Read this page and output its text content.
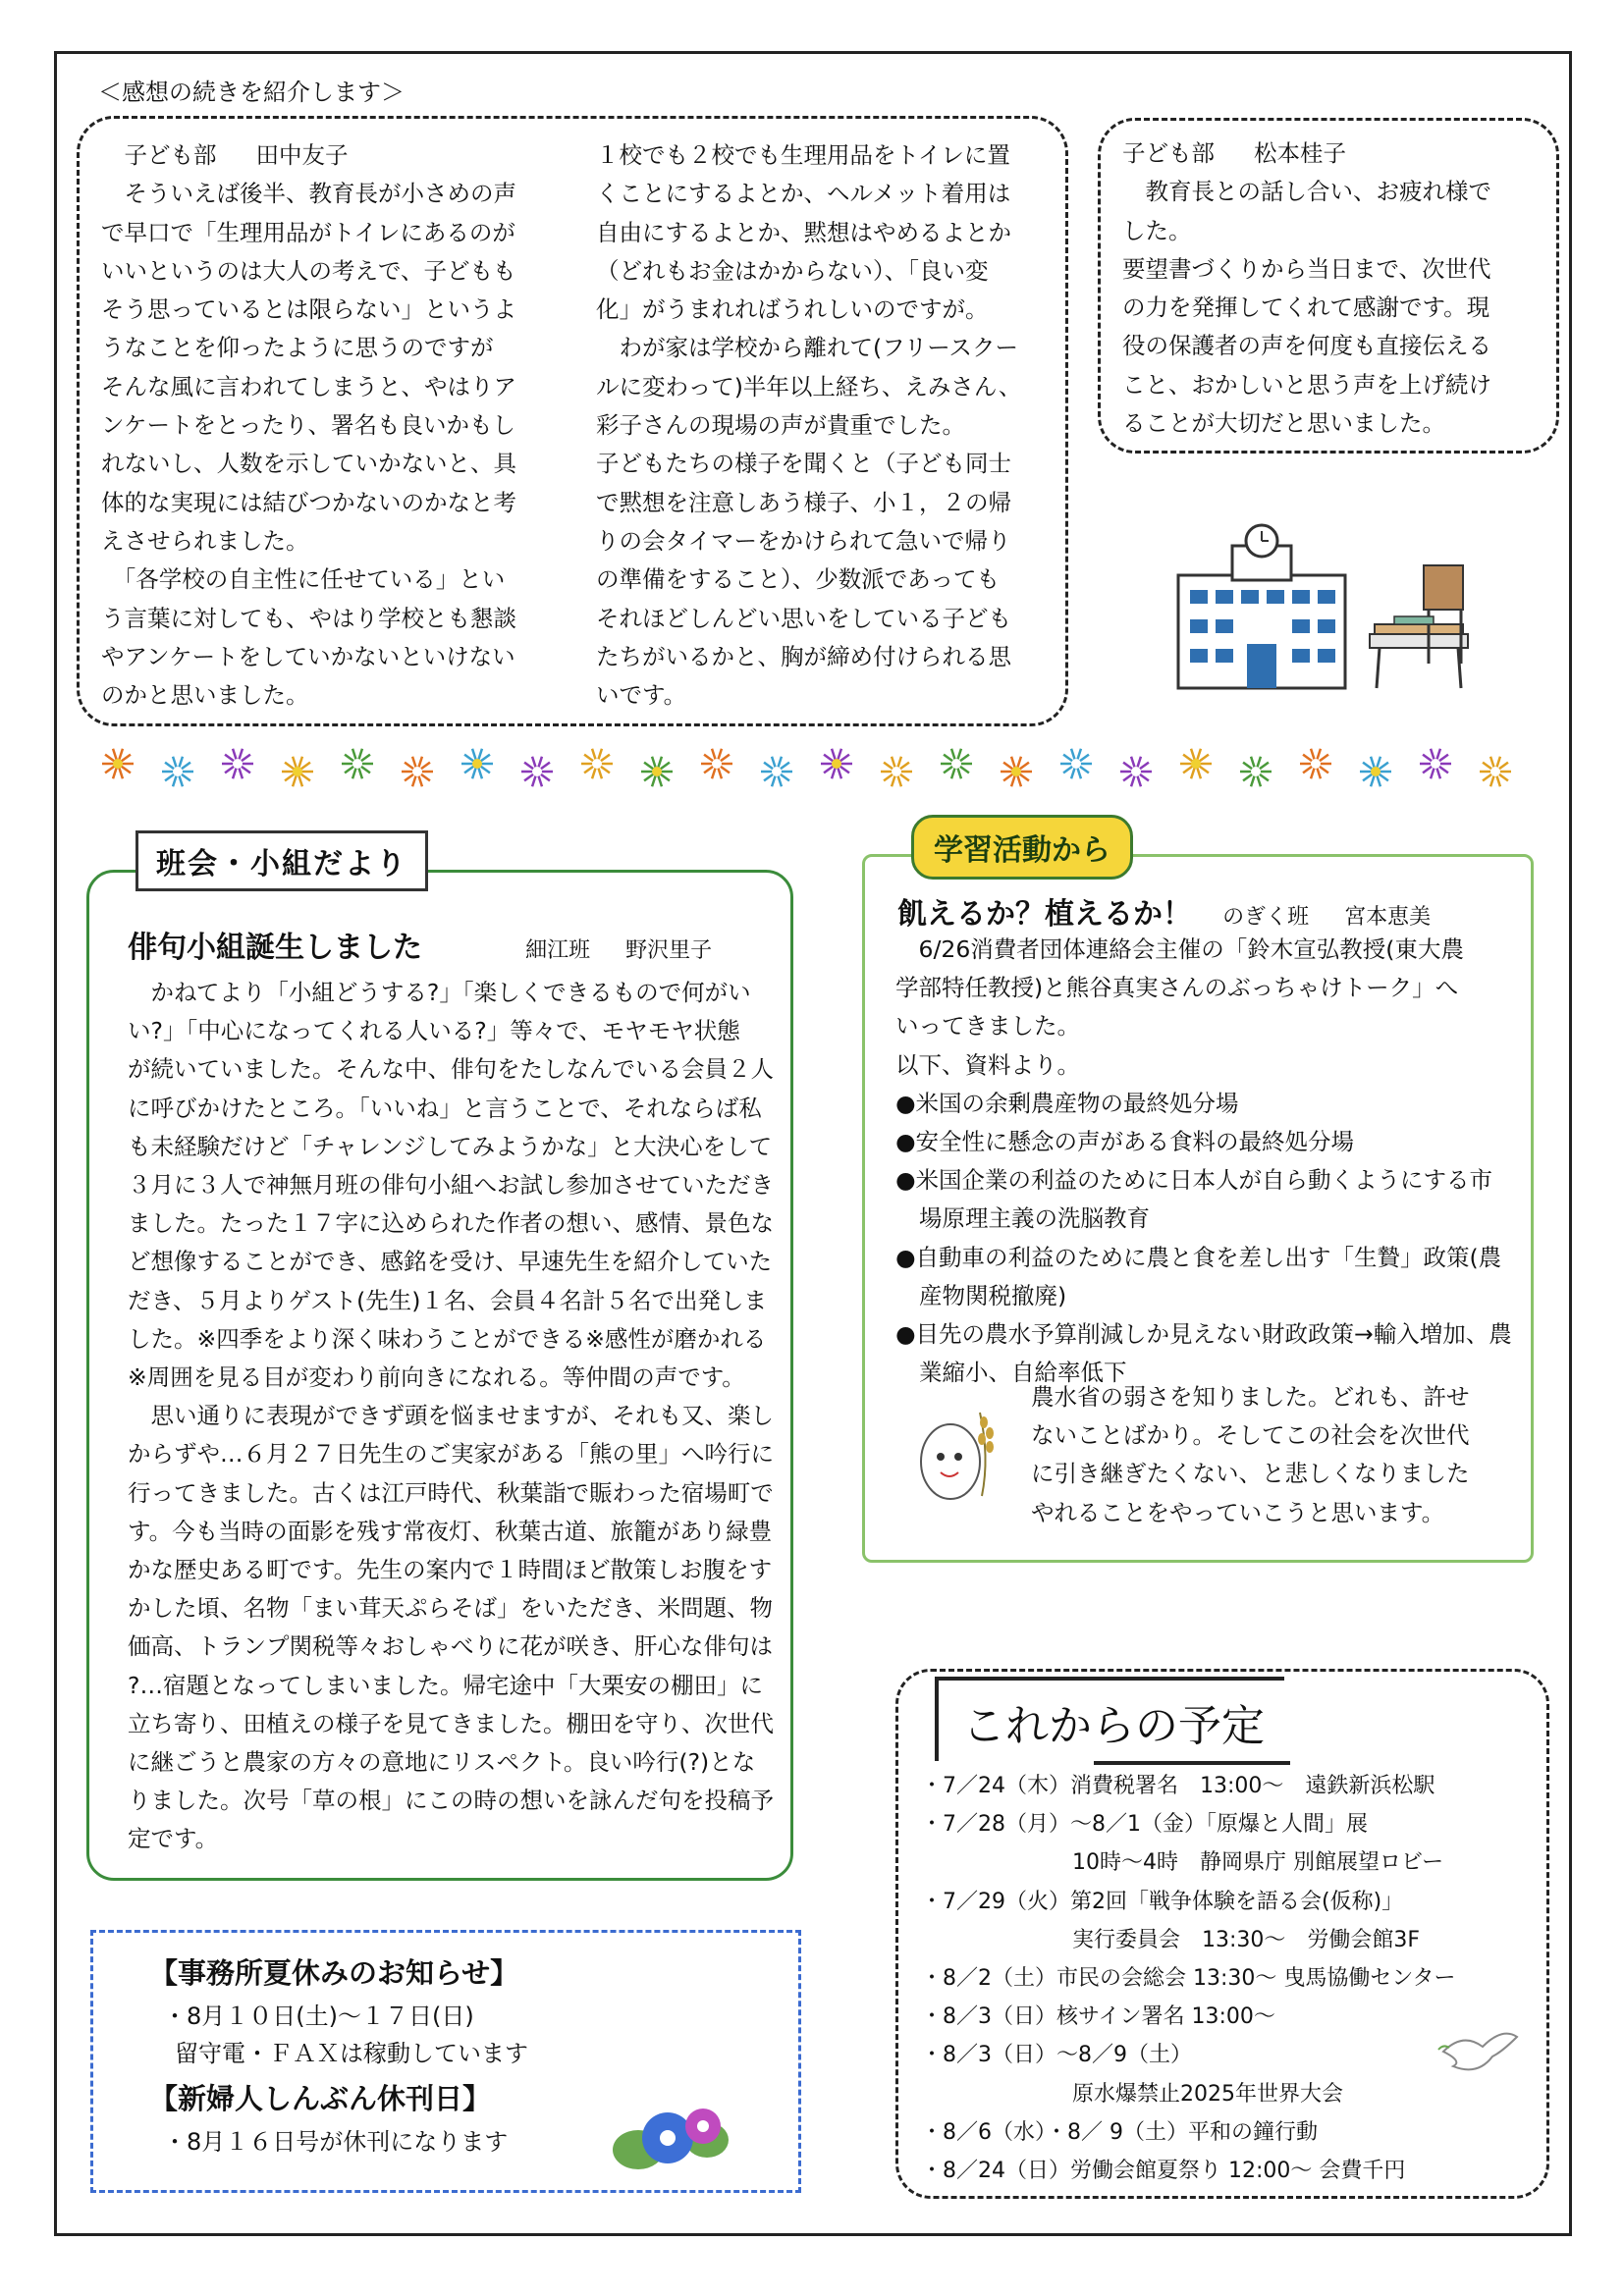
＜感想の続きを紹介します＞
　子ども部 田中友子

　そういえば後半、教育長が小さめの声
で早口で「生理用品がトイレにあるのが
いいというのは大人の考えで、子どもも
そう思っているとは限らない」というよ
うなことを仰ったように思うのですが
そんな風に言われてしまうと、やはりア
ンケートをとったり、署名も良いかもし
れないし、人数を示していかないと、具
体的な実現には結びつかないのかなと考
えさせられました。
　「各学校の自主性に任せている」とい
う言葉に対しても、やはり学校とも懇談
やアンケートをしていかないといけない
のかと思いました。

１校でも２校でも生理用品をトイレに置
くことにするよとか、ヘルメット着用は
自由にするよとか、黙想はやめるよとか
（どれもお金はかからない）、「良い変
化」がうまれればうれしいのですが。
　わが家は学校から離れて(フリースクー
ルに変わって)半年以上経ち、えみさん、
彩子さんの現場の声が貴重でした。
子どもたちの様子を聞くと（子ども同士
で黙想を注意しあう様子、小１，２の帰
りの会タイマーをかけられて急いで帰り
の準備をすること）、少数派であっても
それほどしんどい思いをしている子ども
たちがいるかと、胸が締め付けられる思
いです。

子ども部 松本桂子

　教育長との話し合い、お疲れ様で
した。
要望書づくりから当日まで、次世代
の力を発揮してくれて感謝です。現
役の保護者の声を何度も直接伝える
こと、おかしいと思う声を上げ続け
ることが大切だと思いました。

班会・小組だより
俳句小組誕生しました	細江班 野沢里子

　かねてより「小組どうする?」「楽しくできるもので何がい
い?」「中心になってくれる人いる?」等々で、モヤモヤ状態
が続いていました。そんな中、俳句をたしなんでいる会員２人
に呼びかけたところ。「いいね」と言うことで、それならば私
も未経験だけど「チャレンジしてみようかな」と大決心をして
３月に３人で神無月班の俳句小組へお試し参加させていただき
ました。たった１７字に込められた作者の想い、感情、景色な
ど想像することができ、感銘を受け、早速先生を紹介していた
だき、５月よりゲスト(先生)１名、会員４名計５名で出発しま
した。※四季をより深く味わうことができる※感性が磨かれる
※周囲を見る目が変わり前向きになれる。等仲間の声です。
　思い通りに表現ができず頭を悩ませますが、それも又、楽し
からずや…６月２７日先生のご実家がある「熊の里」へ吟行に
行ってきました。古くは江戸時代、秋葉詣で賑わった宿場町で
す。今も当時の面影を残す常夜灯、秋葉古道、旅籠があり緑豊
かな歴史ある町です。先生の案内で１時間ほど散策しお腹をす
かした頃、名物「まい茸天ぷらそば」をいただき、米問題、物
価高、トランプ関税等々おしゃべりに花が咲き、肝心な俳句は
?…宿題となってしまいました。帰宅途中「大栗安の棚田」に
立ち寄り、田植えの様子を見てきました。棚田を守り、次世代
に継ごうと農家の方々の意地にリスペクト。良い吟行(?)とな
りました。次号「草の根」にこの時の想いを詠んだ句を投稿予
定です。

学習活動から
飢えるか？植えるか！ のぎく班 宮本恵美

　6/26消費者団体連絡会主催の「鈴木宣弘教授(東大農
学部特任教授)と熊谷真実さんのぶっちゃけトーク」へ
いってきました。
以下、資料より。

●米国の余剰農産物の最終処分場
●安全性に懸念の声がある食料の最終処分場
●米国企業の利益のために日本人が自ら動くようにする市場原理主義の洗脳教育
●自動車の利益のために農と食を差し出す「生贄」政策(農産物関税撤廃)
●目先の農水予算削減しか見えない財政政策→輸入増加、農業縮小、自給率低下

農水省の弱さを知りました。どれも、許せ
ないことばかり。そしてこの社会を次世代
に引き継ぎたくない、と悲しくなりました
やれることをやっていこうと思います。

【事務所夏休みのお知らせ】
・8月１０日(土)～１７日(日)
留守電・ＦＡＸは稼動しています
【新婦人しんぶん休刊日】
・8月１６日号が休刊になります
これからの予定
・7／24（木）消費税署名　13:00～　遠鉄新浜松駅
・7／28（月）～8／1（金）「原爆と人間」展
　　　　　　　10時～4時　静岡県庁 別館展望ロビー
・7／29（火）第2回「戦争体験を語る会(仮称)」
　　　　　　　実行委員会　13:30～　労働会館3F
・8／2（土）市民の会総会 13:30～ 曳馬協働センター
・8／3（日）核サイン署名 13:00～
・8／3（日）～8／9（土）
　　　　　　　原水爆禁止2025年世界大会
・8／6（水）・8／ 9（土）平和の鐘行動
・8／24（日）労働会館夏祭り 12:00～ 会費千円
